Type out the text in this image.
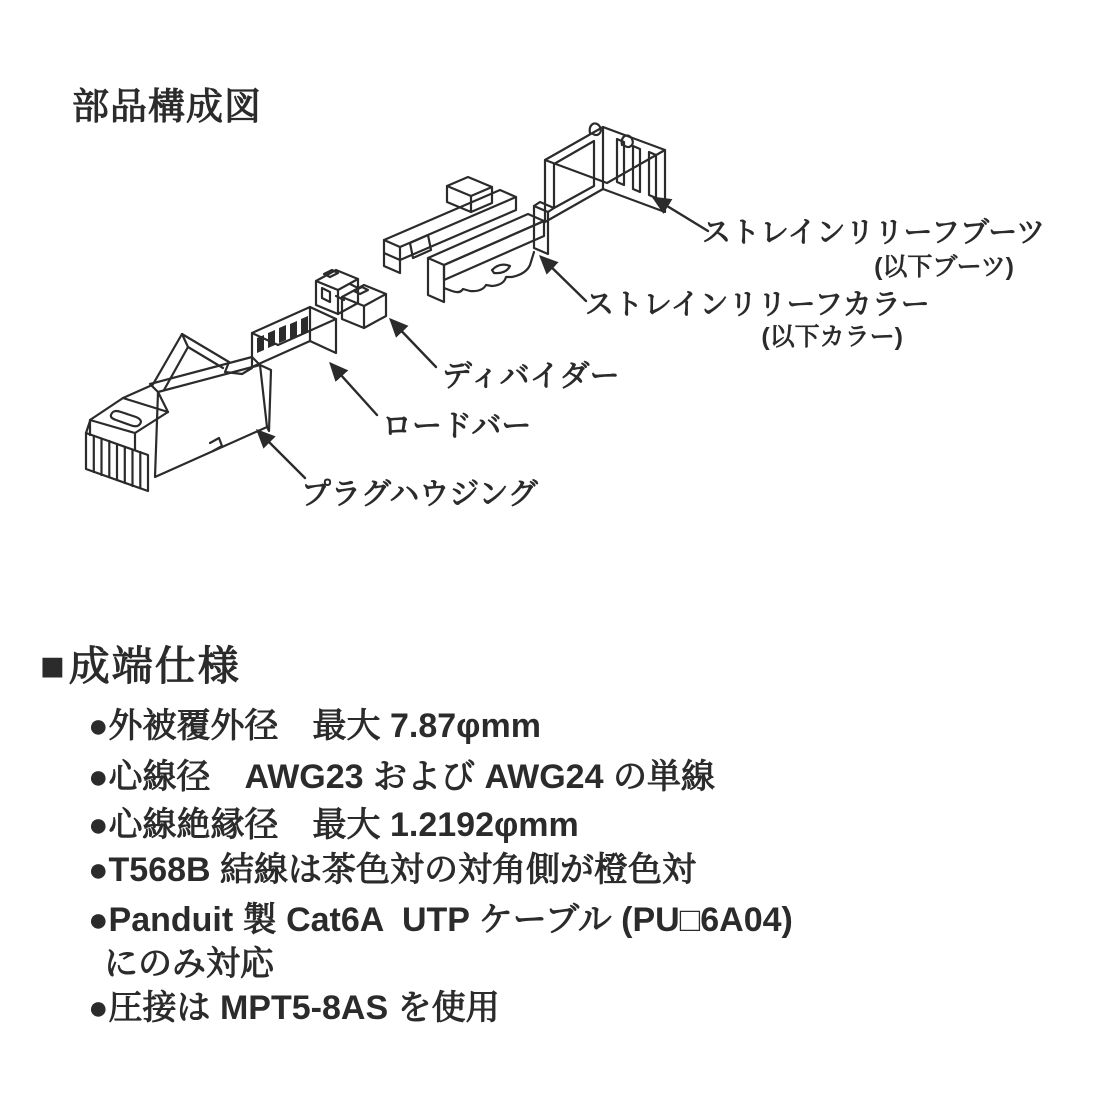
部品構成図
ストレインリリーフブーツ
(以下ブーツ)
ストレインリリーフカラー
(以下カラー)
ディバイダー
ロードバー
プラグハウジング
■成端仕様
●外被覆外径　最大 7.87φmm
●心線径　AWG23 および AWG24 の単線
●心線絶縁径　最大 1.2192φmm
●T568B 結線は茶色対の対角側が橙色対
●Panduit 製 Cat6A  UTP ケーブル (PU□6A04)
にのみ対応
●圧接は MPT5-8AS を使用
